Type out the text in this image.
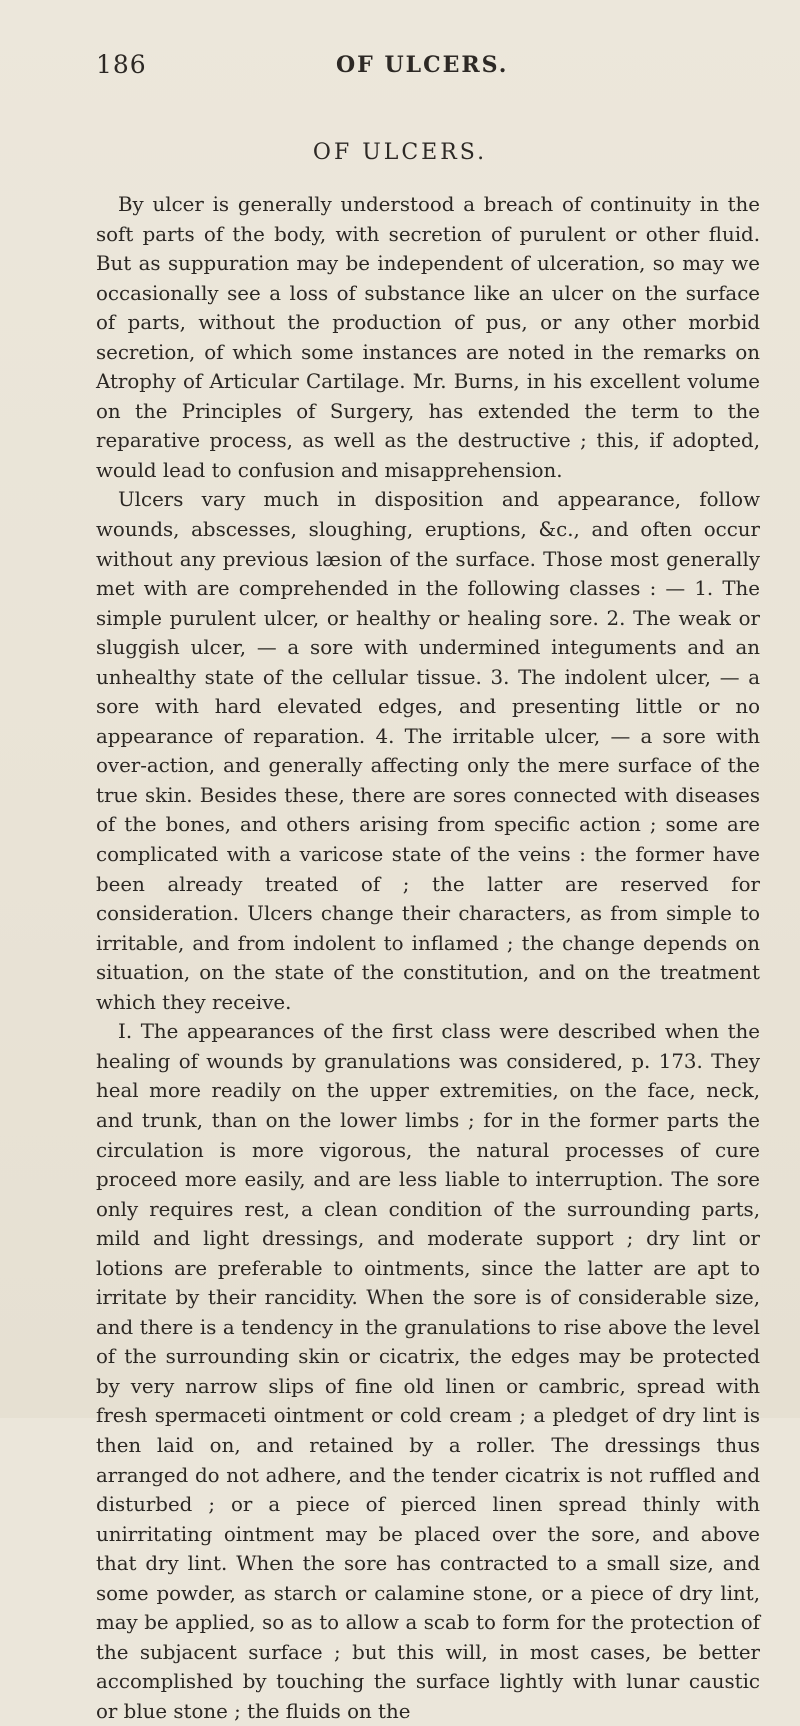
186	OF ULCERS.
OF ULCERS.

By ulcer is generally understood a breach of continuity in the soft parts of the body, with secretion of purulent or other fluid. But as suppuration may be independent of ulceration, so may we occasionally see a loss of substance like an ulcer on the surface of parts, without the production of pus, or any other morbid secretion, of which some instances are noted in the remarks on Atrophy of Articular Cartilage. Mr. Burns, in his excellent volume on the Principles of Surgery, has extended the term to the reparative process, as well as the destructive ; this, if adopted, would lead to confusion and misapprehension.

Ulcers vary much in disposition and appearance, follow wounds, abscesses, sloughing, eruptions, &c., and often occur without any previous læsion of the surface. Those most generally met with are comprehended in the following classes : — 1. The simple purulent ulcer, or healthy or healing sore. 2. The weak or sluggish ulcer, — a sore with undermined integuments and an unhealthy state of the cellular tissue. 3. The indolent ulcer, — a sore with hard elevated edges, and presenting little or no appearance of reparation. 4. The irritable ulcer, — a sore with over-action, and generally affecting only the mere surface of the true skin. Besides these, there are sores connected with diseases of the bones, and others arising from specific action ; some are complicated with a varicose state of the veins : the former have been already treated of ; the latter are reserved for consideration. Ulcers change their characters, as from simple to irritable, and from indolent to inflamed ; the change depends on situation, on the state of the constitution, and on the treatment which they receive.

I. The appearances of the first class were described when the healing of wounds by granulations was considered, p. 173. They heal more readily on the upper extremities, on the face, neck, and trunk, than on the lower limbs ; for in the former parts the circulation is more vigorous, the natural processes of cure proceed more easily, and are less liable to interruption. The sore only requires rest, a clean condition of the surrounding parts, mild and light dressings, and moderate support ; dry lint or lotions are preferable to ointments, since the latter are apt to irritate by their rancidity. When the sore is of considerable size, and there is a tendency in the granulations to rise above the level of the surrounding skin or cicatrix, the edges may be protected by very narrow slips of fine old linen or cambric, spread with fresh spermaceti ointment or cold cream ; a pledget of dry lint is then laid on, and retained by a roller. The dressings thus arranged do not adhere, and the tender cicatrix is not ruffled and disturbed ; or a piece of pierced linen spread thinly with unirritating ointment may be placed over the sore, and above that dry lint. When the sore has contracted to a small size, and some powder, as starch or calamine stone, or a piece of dry lint, may be applied, so as to allow a scab to form for the protection of the subjacent surface ; but this will, in most cases, be better accomplished by touching the surface lightly with lunar caustic or blue stone ; the fluids on the
